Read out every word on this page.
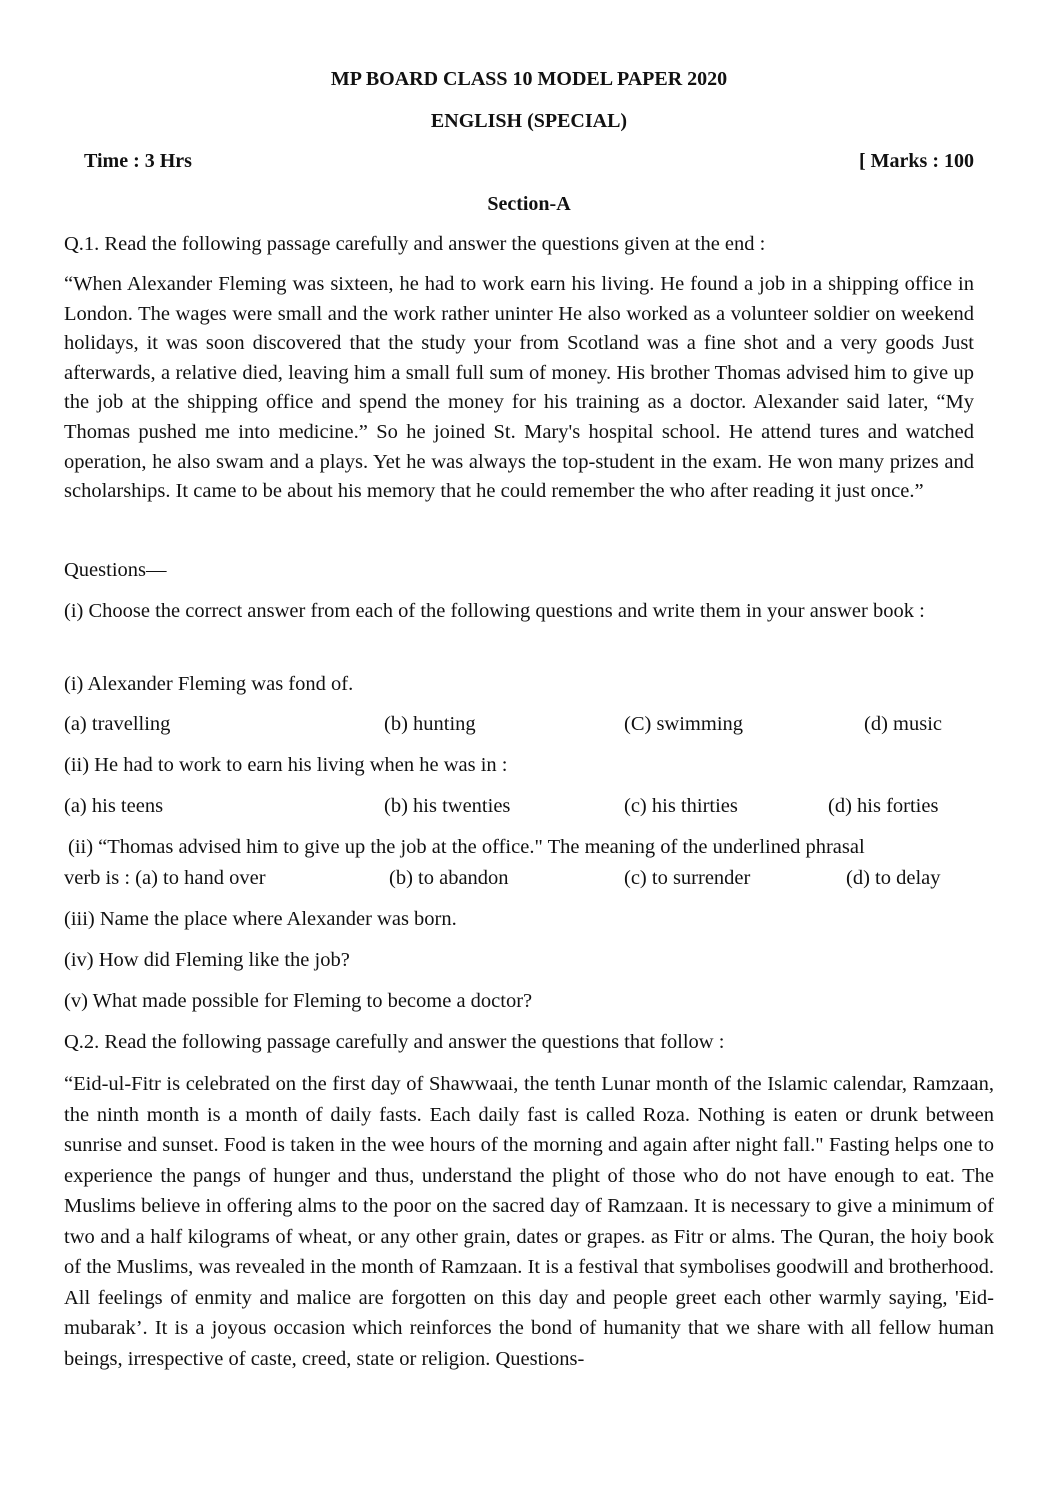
MP BOARD CLASS 10 MODEL PAPER 2020
ENGLISH (SPECIAL)
Time : 3 Hrs	[ Marks : 100
Section-A
Q.1. Read the following passage carefully and answer the questions given at the end :
“When Alexander Fleming was sixteen, he had to work earn his living. He found a job in a shipping office in London. The wages were small and the work rather uninter He also worked as a volunteer soldier on weekend holidays, it was soon discovered that the study your from Scotland was a fine shot and a very goods Just afterwards, a relative died, leaving him a small full sum of money. His brother Thomas advised him to give up the job at the shipping office and spend the money for his training as a doctor. Alexander said later, “My Thomas pushed me into medicine.” So he joined St. Mary's hospital school. He attend tures and watched operation, he also swam and a plays. Yet he was always the top-student in the exam. He won many prizes and scholarships. It came to be about his memory that he could remember the who after reading it just once.”
Questions—
(i) Choose the correct answer from each of the following questions and write them in your answer book :
(i) Alexander Fleming was fond of.
(a) travelling	(b) hunting	(C) swimming	(d) music
(ii) He had to work to earn his living when he was in :
(a) his teens	(b) his twenties	(c) his thirties	(d) his forties
(ii) “Thomas advised him to give up the job at the office." The meaning of the underlined phrasal
verb is : (a) to hand over	(b) to abandon	(c) to surrender	(d) to delay
(iii) Name the place where Alexander was born.
(iv) How did Fleming like the job?
(v) What made possible for Fleming to become a doctor?
Q.2. Read the following passage carefully and answer the questions that follow :
“Eid-ul-Fitr is celebrated on the first day of Shawwaai, the tenth Lunar month of the Islamic calendar, Ramzaan, the ninth month is a month of daily fasts. Each daily fast is called Roza. Nothing is eaten or drunk between sunrise and sunset. Food is taken in the wee hours of the morning and again after night fall." Fasting helps one to experience the pangs of hunger and thus, understand the plight of those who do not have enough to eat. The Muslims believe in offering alms to the poor on the sacred day of Ramzaan. It is necessary to give a minimum of two and a half kilograms of wheat, or any other grain, dates or grapes. as Fitr or alms. The Quran, the hoiy book of the Muslims, was revealed in the month of Ramzaan. It is a festival that symbolises goodwill and brotherhood. All feelings of enmity and malice are forgotten on this day and people greet each other warmly saying, 'Eid-mubarak’. It is a joyous occasion which reinforces the bond of humanity that we share with all fellow human beings, irrespective of caste, creed, state or religion. Questions-
